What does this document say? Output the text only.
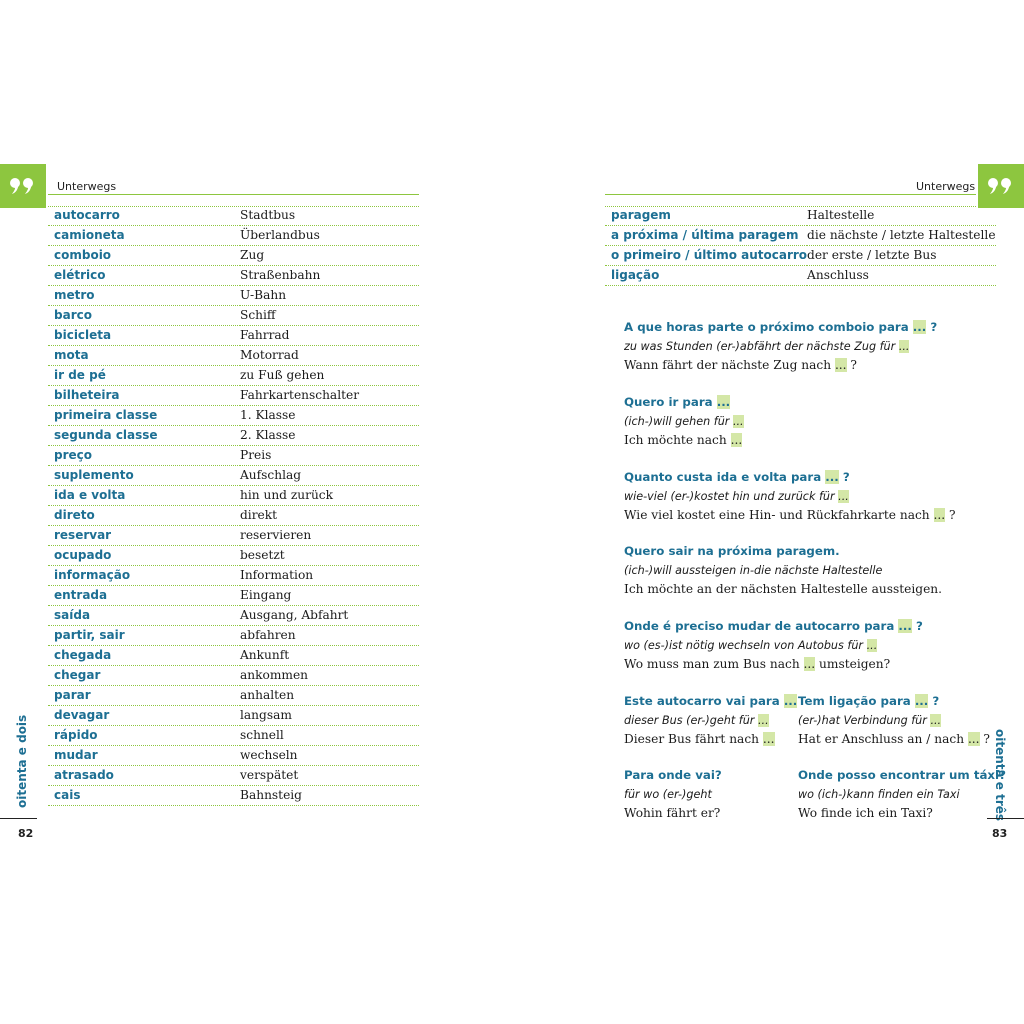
Unterwegs
autocarro	Stadtbus
camioneta	Überlandbus
comboio	Zug
elétrico	Straßenbahn
metro	U-Bahn
barco	Schiff
bicicleta	Fahrrad
mota	Motorrad
ir de pé	zu Fuß gehen
bilheteira	Fahrkartenschalter
primeira classe	1. Klasse
segunda classe	2. Klasse
preço	Preis
suplemento	Aufschlag
ida e volta	hin und zurück
direto	direkt
reservar	reservieren
ocupado	besetzt
informação	Information
entrada	Eingang
saída	Ausgang, Abfahrt
partir, sair	abfahren
chegada	Ankunft
chegar	ankommen
parar	anhalten
devagar	langsam
rápido	schnell
mudar	wechseln
atrasado	verspätet
cais	Bahnsteig
oitenta e dois
82
Unterwegs
paragem	Haltestelle
a próxima / última paragem	die nächste / letzte Haltestelle
o primeiro / último autocarro	der erste / letzte Bus
ligação	Anschluss
A que horas parte o próximo comboio para ... ?
zu was Stunden (er-)abfährt der nächste Zug für ...
Wann fährt der nächste Zug nach ... ?
Quero ir para ...
(ich-)will gehen für ...
Ich möchte nach ...
Quanto custa ida e volta para ... ?
wie-viel (er-)kostet hin und zurück für ...
Wie viel kostet eine Hin- und Rückfahrkarte nach ... ?
Quero sair na próxima paragem.
(ich-)will aussteigen in-die nächste Haltestelle
Ich möchte an der nächsten Haltestelle aussteigen.
Onde é preciso mudar de autocarro para ... ?
wo (es-)ist nötig wechseln von Autobus für ...
Wo muss man zum Bus nach ... umsteigen?
Este autocarro vai para ...
dieser Bus (er-)geht für ...
Dieser Bus fährt nach ...
Tem ligação para ... ?
(er-)hat Verbindung für ...
Hat er Anschluss an / nach ... ?
Para onde vai?
für wo (er-)geht
Wohin fährt er?
Onde posso encontrar um táxi?
wo (ich-)kann finden ein Taxi
Wo finde ich ein Taxi?	oitenta e três
83
